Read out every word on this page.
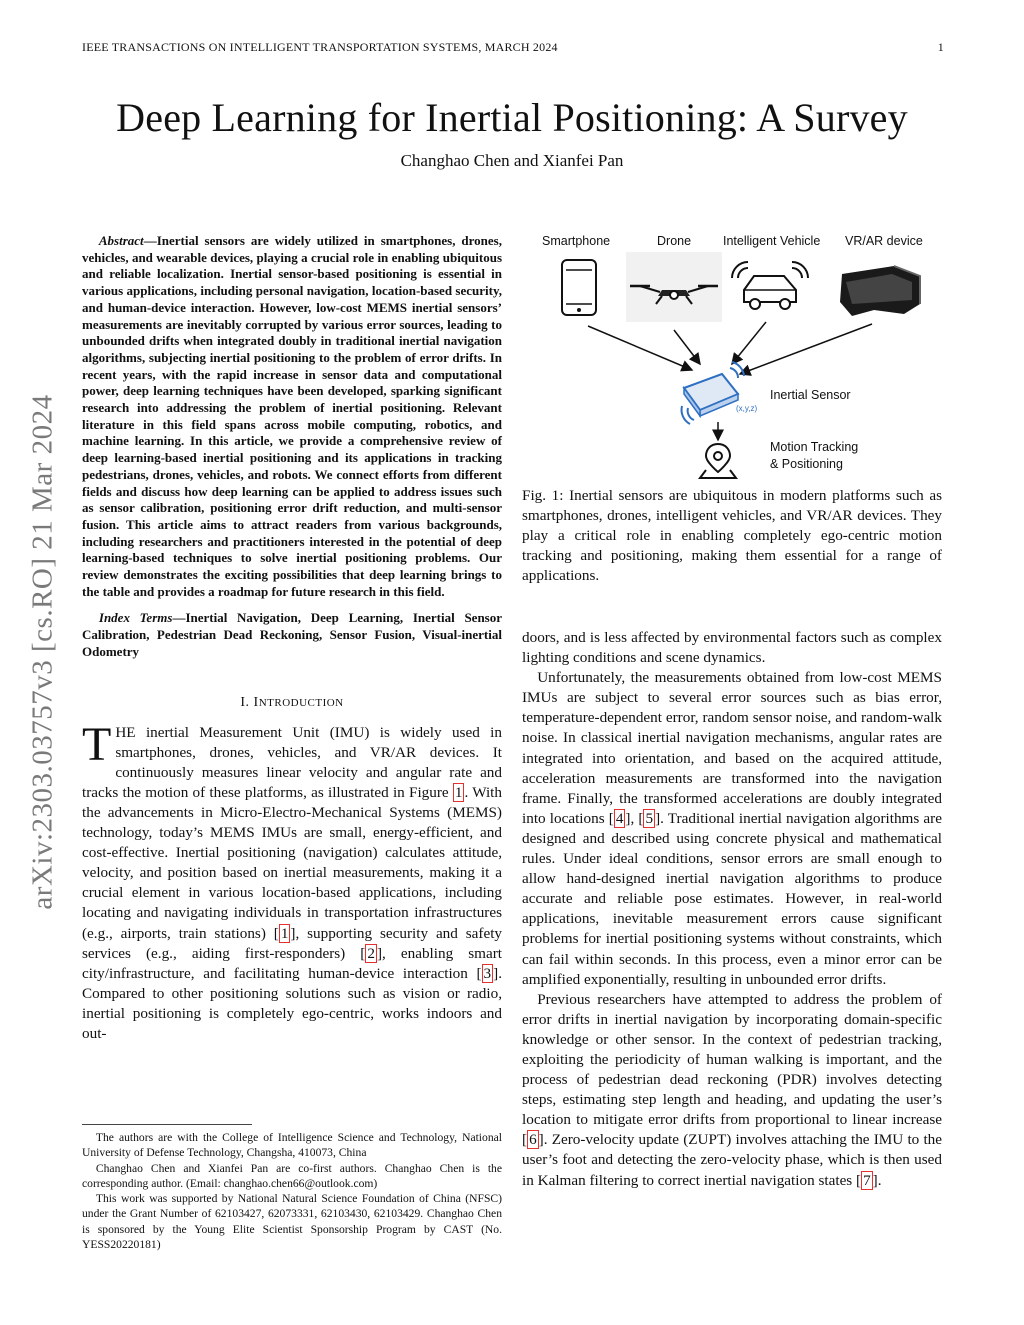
IEEE TRANSACTIONS ON INTELLIGENT TRANSPORTATION SYSTEMS, MARCH 2024	1
Deep Learning for Inertial Positioning: A Survey
Changhao Chen and Xianfei Pan
arXiv:2303.03757v3 [cs.RO] 21 Mar 2024

Abstract—Inertial sensors are widely utilized in smartphones, drones, vehicles, and wearable devices, playing a crucial role in enabling ubiquitous and reliable localization. Inertial sensor-based positioning is essential in various applications, including personal navigation, location-based security, and human-device interaction. However, low-cost MEMS inertial sensors’ measurements are inevitably corrupted by various error sources, leading to unbounded drifts when integrated doubly in traditional inertial navigation algorithms, subjecting inertial positioning to the problem of error drifts. In recent years, with the rapid increase in sensor data and computational power, deep learning techniques have been developed, sparking significant research into addressing the problem of inertial positioning. Relevant literature in this field spans across mobile computing, robotics, and machine learning. In this article, we provide a comprehensive review of deep learning-based inertial positioning and its applications in tracking pedestrians, drones, vehicles, and robots. We connect efforts from different fields and discuss how deep learning can be applied to address issues such as sensor calibration, positioning error drift reduction, and multi-sensor fusion. This article aims to attract readers from various backgrounds, including researchers and practitioners interested in the potential of deep learning-based techniques to solve inertial positioning problems. Our review demonstrates the exciting possibilities that deep learning brings to the table and provides a roadmap for future research in this field.

Index Terms—Inertial Navigation, Deep Learning, Inertial Sensor Calibration, Pedestrian Dead Reckoning, Sensor Fusion, Visual-inertial Odometry

I. INTRODUCTION

THE inertial Measurement Unit (IMU) is widely used in smartphones, drones, vehicles, and VR/AR devices. It continuously measures linear velocity and angular rate and tracks the motion of these platforms, as illustrated in Figure 1 . With the advancements in Micro-Electro-Mechanical Systems (MEMS) technology, today’s MEMS IMUs are small, energy-efficient, and cost-effective. Inertial positioning (navigation) calculates attitude, velocity, and position based on inertial measurements, making it a crucial element in various location-based applications, including locating and navigating individuals in transportation infrastructures (e.g., airports, train stations) [ 1 ], supporting security and safety services (e.g., aiding first-responders) [ 2 ], enabling smart city/infrastructure, and facilitating human-device interaction [ 3 ]. Compared to other positioning solutions such as vision or radio, inertial positioning is completely ego-centric, works indoors and out-

The authors are with the College of Intelligence Science and Technology, National University of Defense Technology, Changsha, 410073, China

Changhao Chen and Xianfei Pan are co-first authors. Changhao Chen is the corresponding author. (Email: changhao.chen66@outlook.com)

This work was supported by National Natural Science Foundation of China (NFSC) under the Grant Number of 62103427, 62073331, 62103430, 62103429. Changhao Chen is sponsored by the Young Elite Scientist Sponsorship Program by CAST (No. YESS20220181)

Smartphone	Drone	Intelligent Vehicle VR/AR device
Inertial Sensor
Motion Tracking
& Positioning
(x,y,z)

Fig. 1: Inertial sensors are ubiquitous in modern platforms such as smartphones, drones, intelligent vehicles, and VR/AR devices. They play a critical role in enabling completely ego-centric motion tracking and positioning, making them essential for a range of applications.

doors, and is less affected by environmental factors such as complex lighting conditions and scene dynamics.

Unfortunately, the measurements obtained from low-cost MEMS IMUs are subject to several error sources such as bias error, temperature-dependent error, random sensor noise, and random-walk noise. In classical inertial navigation mechanisms, angular rates are integrated into orientation, and based on the acquired attitude, acceleration measurements are transformed into the navigation frame. Finally, the transformed accelerations are doubly integrated into locations [ 4 ], [ 5 ]. Traditional inertial navigation algorithms are designed and described using concrete physical and mathematical rules. Under ideal conditions, sensor errors are small enough to allow hand-designed inertial navigation algorithms to produce accurate and reliable pose estimates. However, in real-world applications, inevitable measurement errors cause significant problems for inertial positioning systems without constraints, which can fail within seconds. In this process, even a minor error can be amplified exponentially, resulting in unbounded error drifts.

Previous researchers have attempted to address the problem of error drifts in inertial navigation by incorporating domain-specific knowledge or other sensor. In the context of pedestrian tracking, exploiting the periodicity of human walking is important, and the process of pedestrian dead reckoning (PDR) involves detecting steps, estimating step length and heading, and updating the user’s location to mitigate error drifts from proportional to linear increase [ 6 ]. Zero-velocity update (ZUPT) involves attaching the IMU to the user’s foot and detecting the zero-velocity phase, which is then used in Kalman filtering to correct inertial navigation states [ 7 ].
